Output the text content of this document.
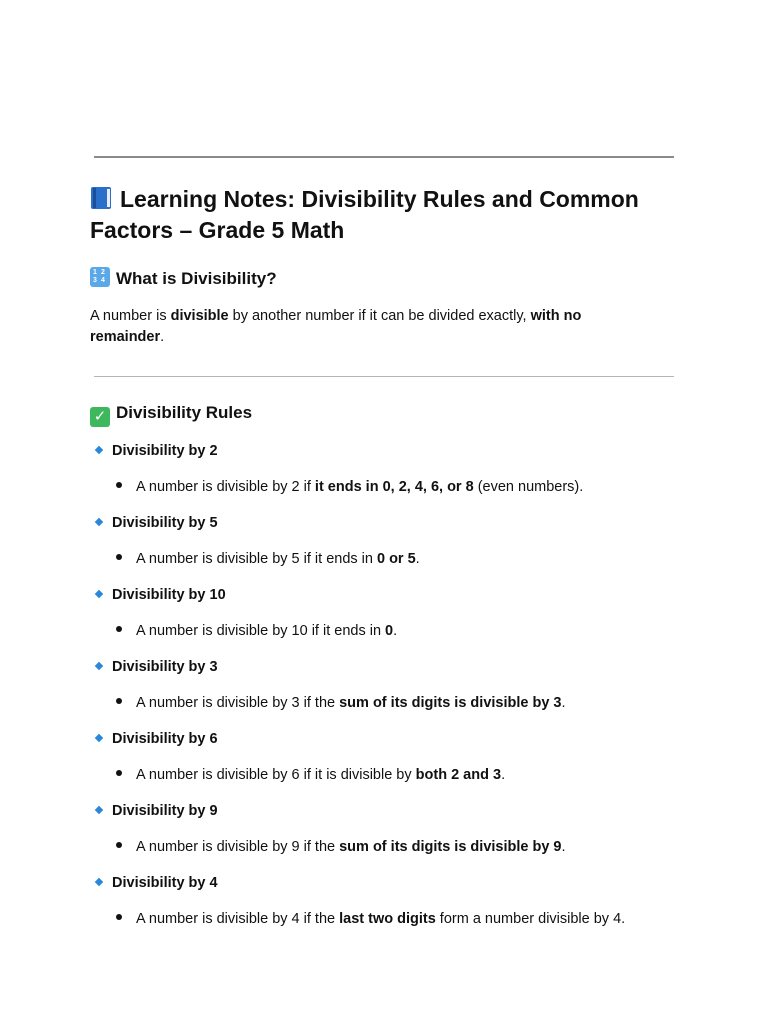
Learning Notes: Divisibility Rules and Common Factors – Grade 5 Math
1 2
3 4 What is Divisibility?

A number is divisible by another number if it can be divided exactly, with no remainder.

✓ Divisibility Rules
Divisibility by 2
A number is divisible by 2 if it ends in 0, 2, 4, 6, or 8 (even numbers).
Divisibility by 5
A number is divisible by 5 if it ends in 0 or 5.
Divisibility by 10
A number is divisible by 10 if it ends in 0.
Divisibility by 3
A number is divisible by 3 if the sum of its digits is divisible by 3.
Divisibility by 6
A number is divisible by 6 if it is divisible by both 2 and 3.
Divisibility by 9
A number is divisible by 9 if the sum of its digits is divisible by 9.
Divisibility by 4
A number is divisible by 4 if the last two digits form a number divisible by 4.
